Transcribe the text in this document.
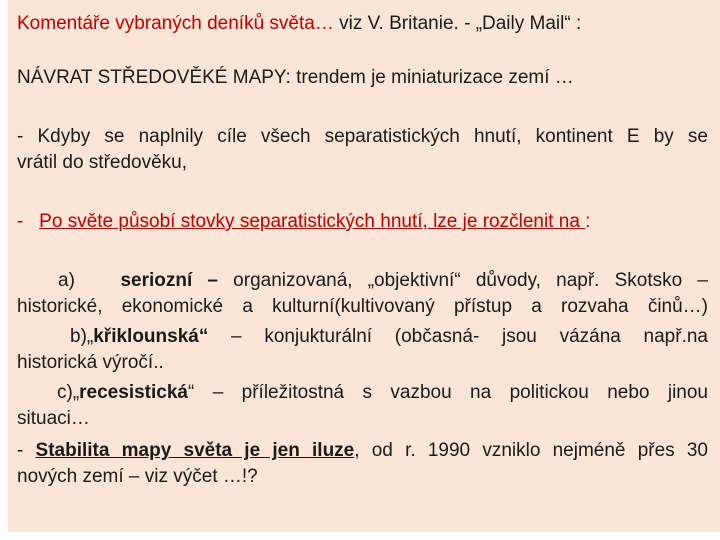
Komentáře vybraných deníků světa… viz V. Britanie. - „Daily Mail“ :
NÁVRAT STŘEDOVĚKÉ MAPY: trendem je miniaturizace zemí …
- Kdyby se naplnily cíle všech separatistických hnutí, kontinent E by se
vrátil do středověku,
- Po světe působí stovky separatistických hnutí, lze je rozčlenit na :
a) seriozní – organizovaná, „objektivní“ důvody, např. Skotsko –
historické, ekonomické a kulturní(kultivovaný přístup a rozvaha činů…)
b)„křiklounská“ – konjukturální (občasná- jsou vázána např.na
historická výročí..
c)„recesistická“ – příležitostná s vazbou na politickou nebo jinou
situaci…
- Stabilita mapy světa je jen iluze, od r. 1990 vzniklo nejméně přes 30
nových zemí – viz výčet …!?
